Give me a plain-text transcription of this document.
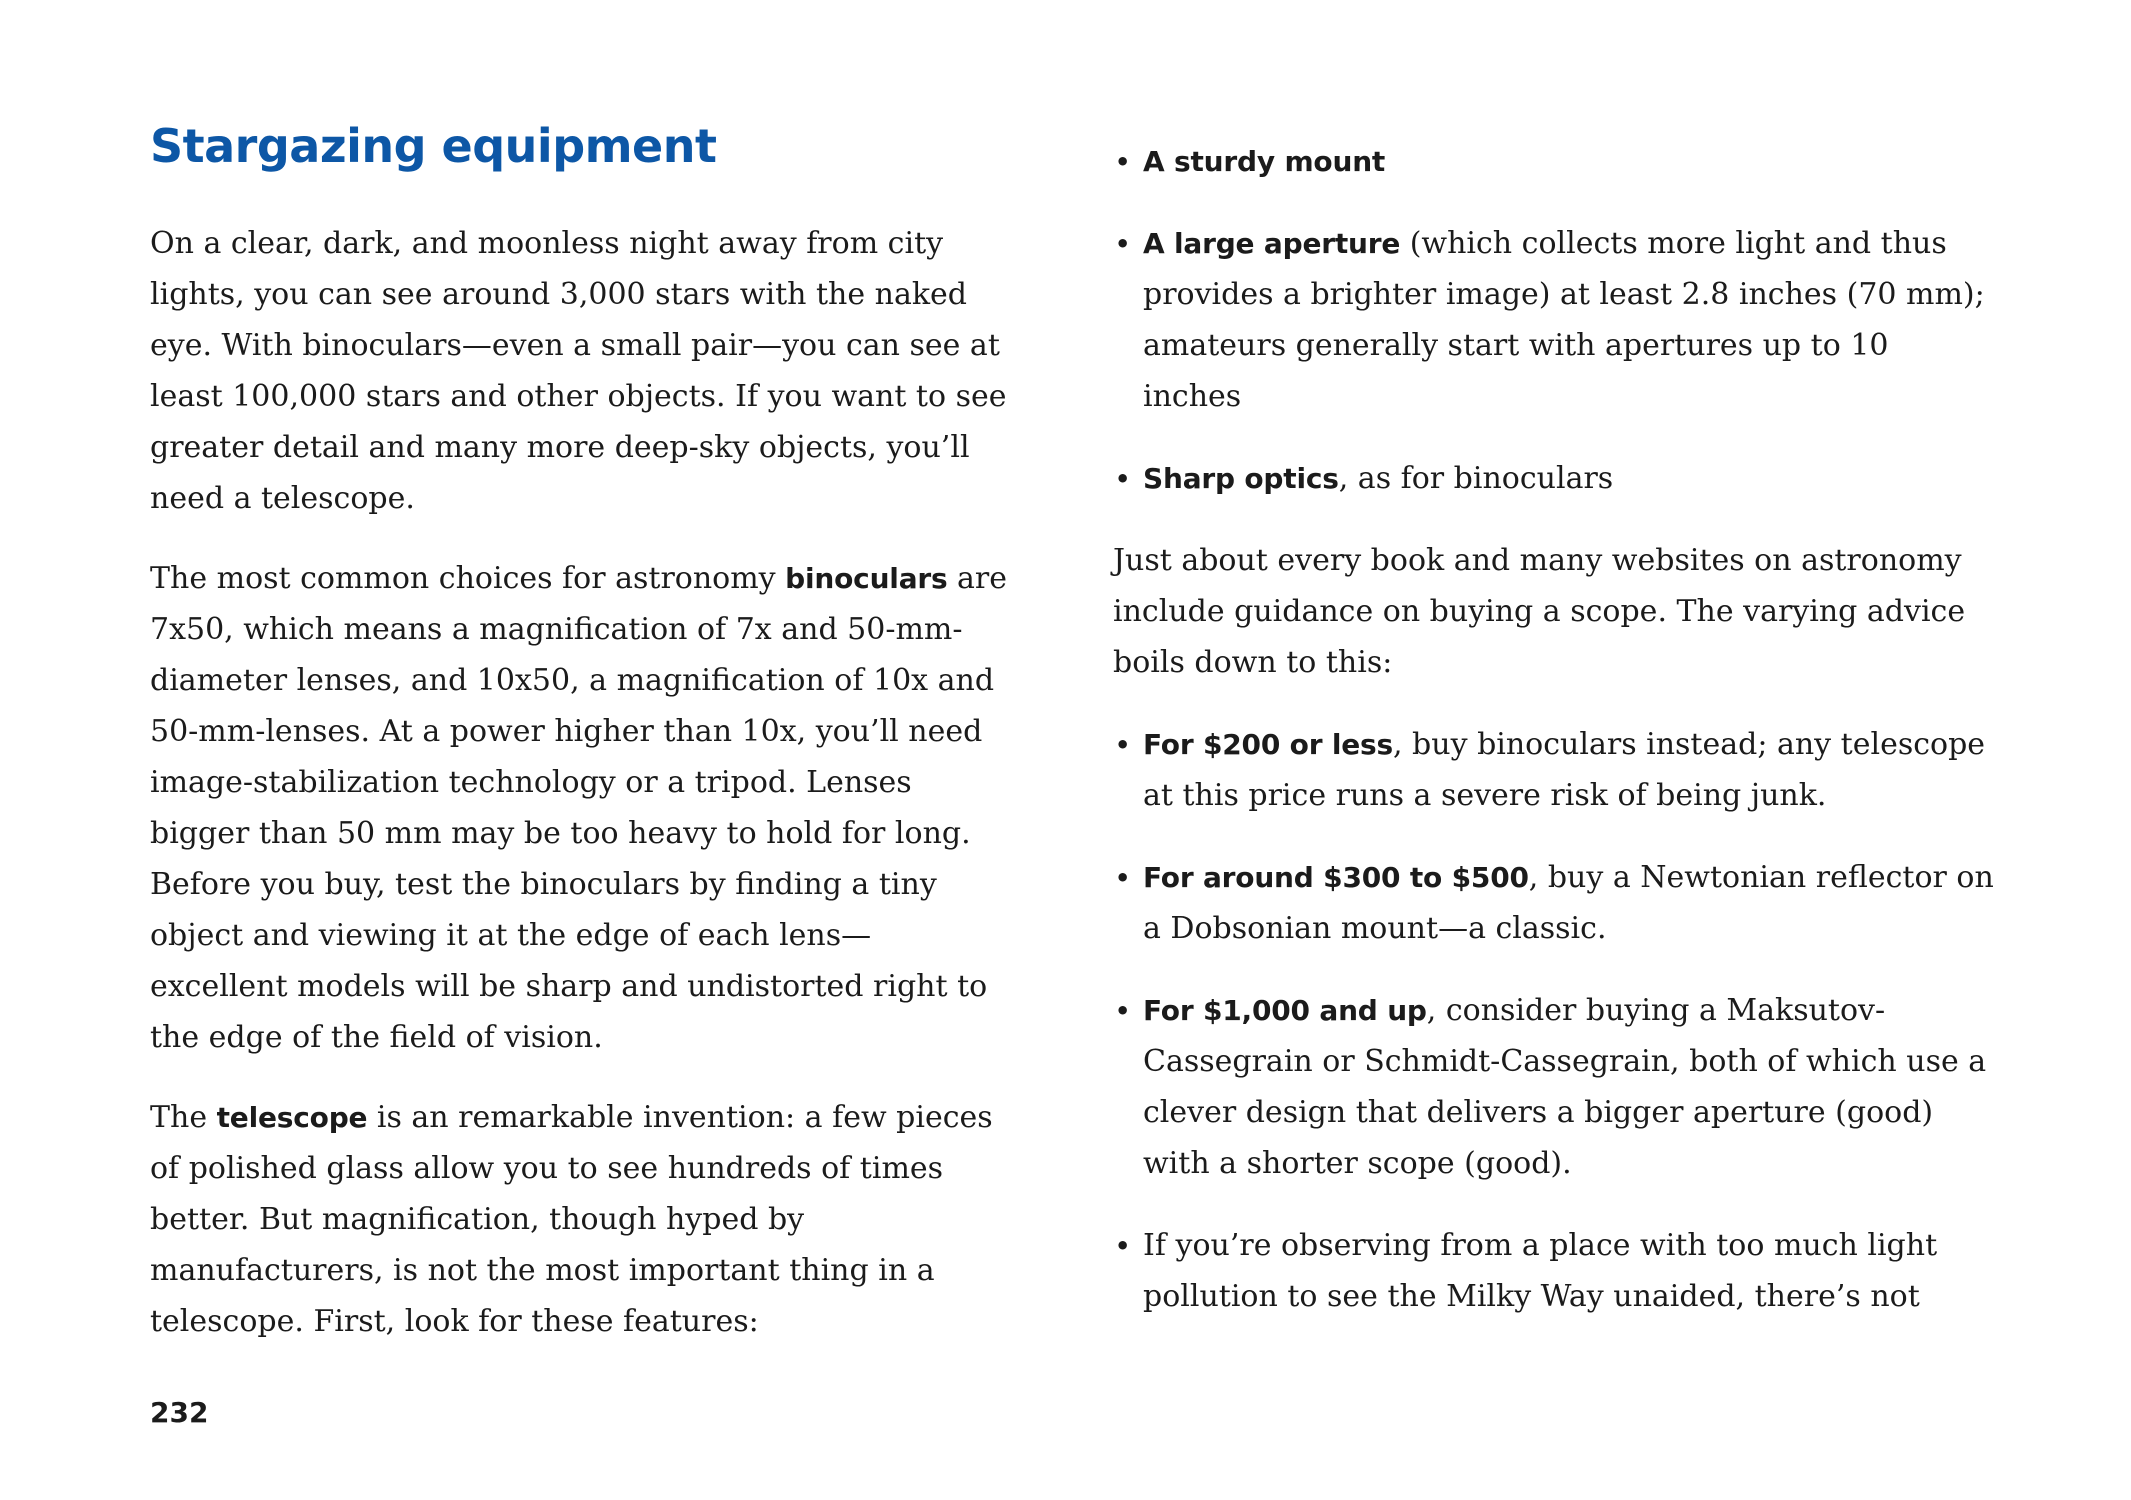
Stargazing equipment

On a clear, dark, and moonless night away from city lights, you can see around 3,000 stars with the naked eye. With binoculars—even a small pair—you can see at least 100,000 stars and other objects. If you want to see greater detail and many more deep-sky objects, you’ll need a telescope.

The most common choices for astronomy binoculars are 7x50, which means a magnification of 7x and 50-mm-diameter lenses, and 10x50, a magnification of 10x and 50-mm-lenses. At a power higher than 10x, you’ll need image-stabilization technology or a tripod. Lenses bigger than 50 mm may be too heavy to hold for long. Before you buy, test the binoculars by finding a tiny object and viewing it at the edge of each lens—excellent models will be sharp and undistorted right to the edge of the field of vision.

The telescope is an remarkable invention: a few pieces of polished glass allow you to see hundreds of times better. But magnification, though hyped by manufacturers, is not the most important thing in a telescope. First, look for these features:

• A sturdy mount
• A large aperture (which collects more light and thus provides a brighter image) at least 2.8 inches (70 mm); amateurs generally start with apertures up to 10 inches
• Sharp optics, as for binoculars

Just about every book and many websites on astronomy include guidance on buying a scope. The varying advice boils down to this:

• For $200 or less, buy binoculars instead; any telescope at this price runs a severe risk of being junk.
• For around $300 to $500, buy a Newtonian reflector on a Dobsonian mount—a classic.
• For $1,000 and up, consider buying a Maksutov-Cassegrain or Schmidt-Cassegrain, both of which use a clever design that delivers a bigger aperture (good) with a shorter scope (good).
• If you’re observing from a place with too much light pollution to see the Milky Way unaided, there’s not
232
